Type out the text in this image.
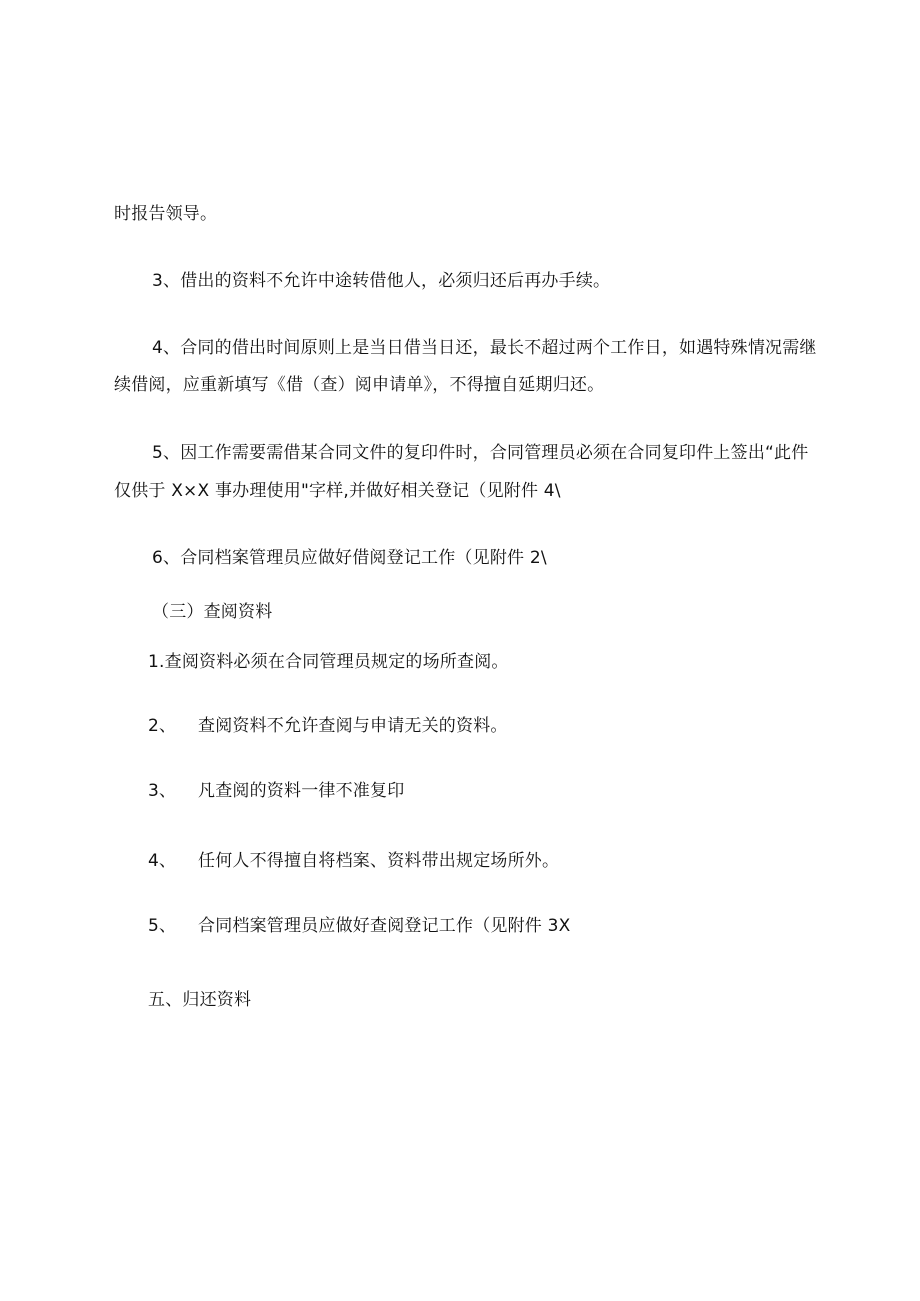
时报告领导。
3、借出的资料不允许中途转借他人，必须归还后再办手续。
4、合同的借出时间原则上是当日借当日还，最长不超过两个工作日，如遇特殊情况需继
续借阅，应重新填写《借（查）阅申请单》，不得擅自延期归还。
5、因工作需要需借某合同文件的复印件时，合同管理员必须在合同复印件上签出“此件
仅供于 X×X 事办理使用"字样,并做好相关登记（见附件 4\
6、合同档案管理员应做好借阅登记工作（见附件 2\
（三）查阅资料
1.查阅资料必须在合同管理员规定的场所查阅。
2、 查阅资料不允许查阅与申请无关的资料。
3、 凡查阅的资料一律不准复印
4、 任何人不得擅自将档案、资料带出规定场所外。
5、 合同档案管理员应做好查阅登记工作（见附件 3X
五、归还资料
